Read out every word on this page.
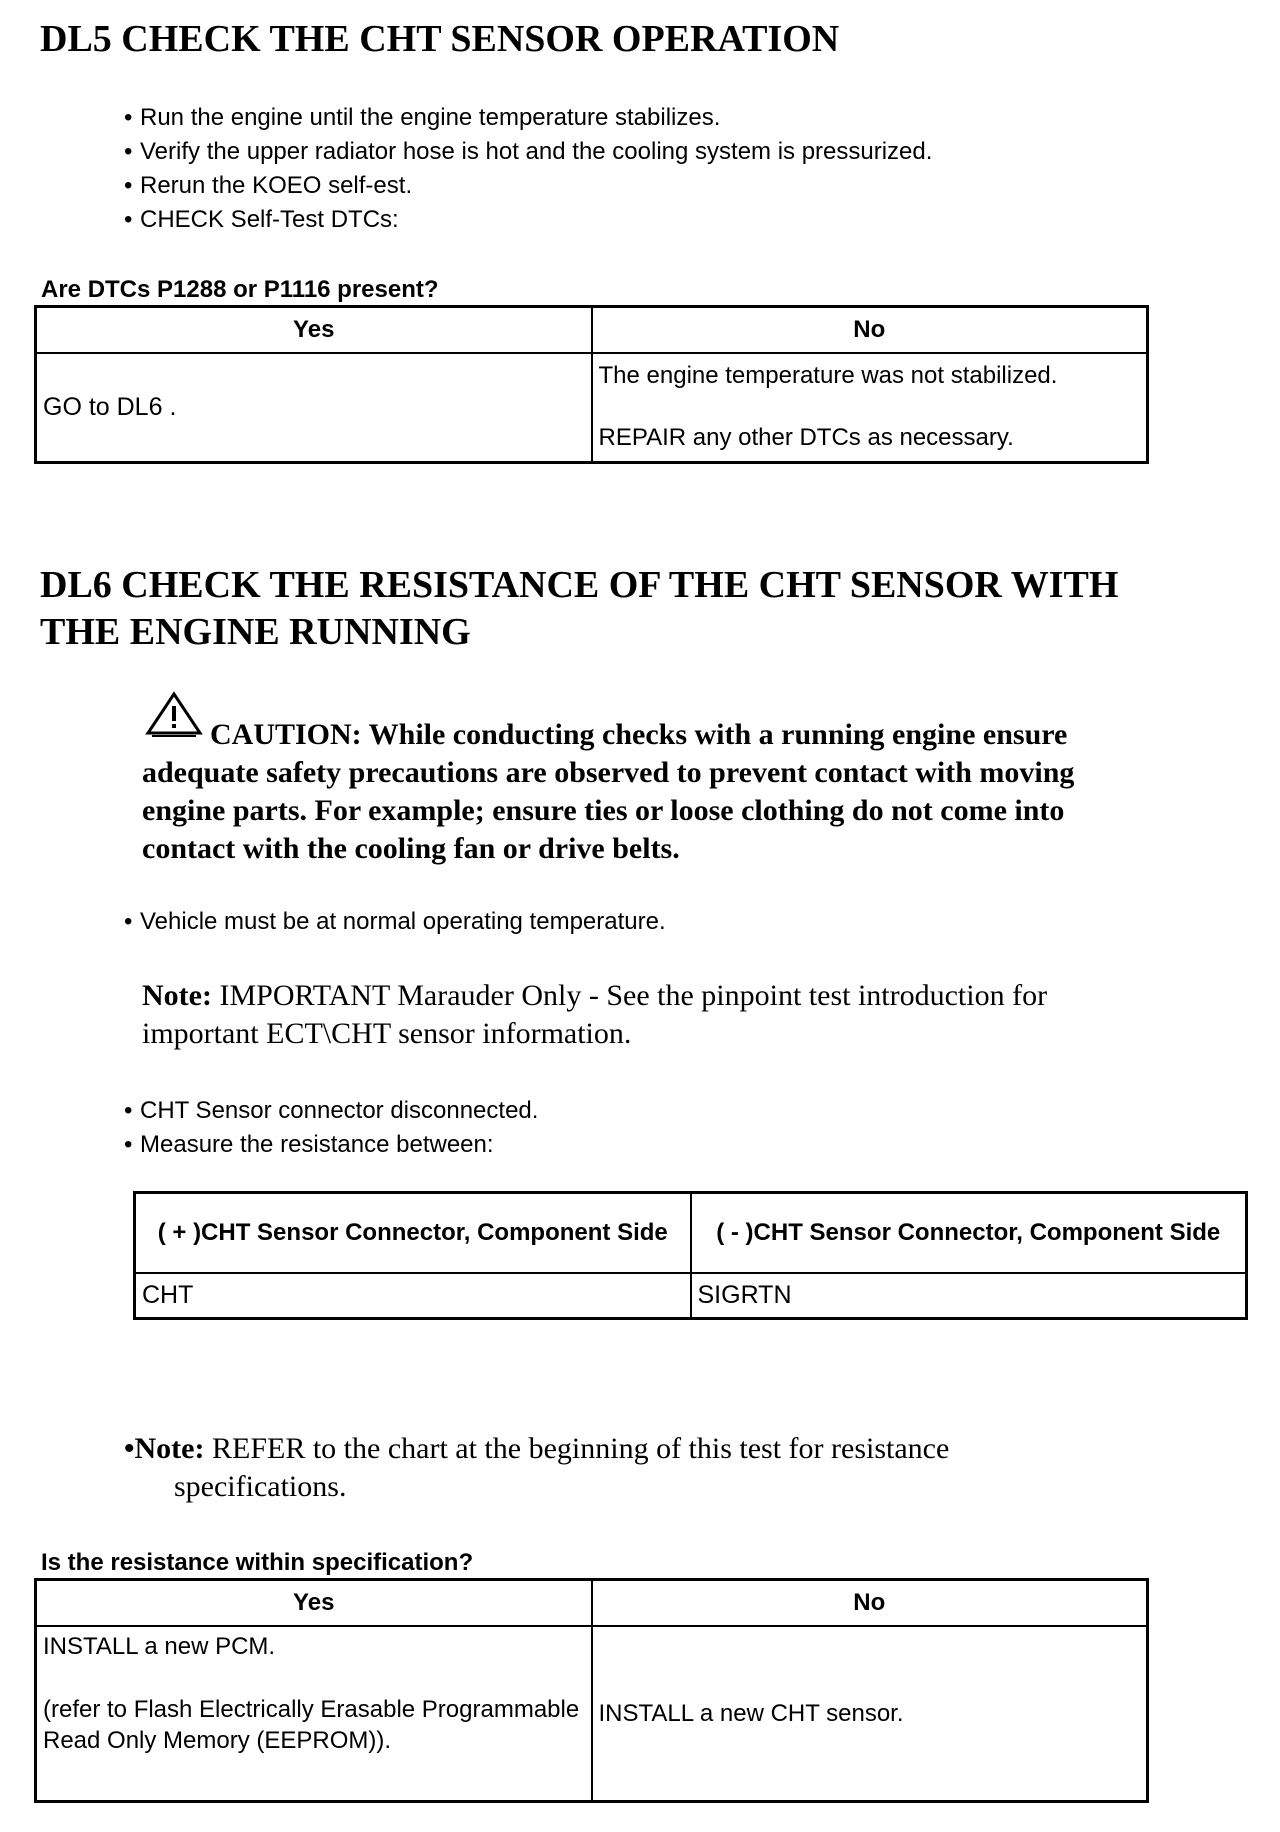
DL5 CHECK THE CHT SENSOR OPERATION
• Run the engine until the engine temperature stabilizes.
• Verify the upper radiator hose is hot and the cooling system is pressurized.
• Rerun the KOEO self-est.
• CHECK Self-Test DTCs:

Are DTCs P1288 or P1116 present?

Yes	No
GO to DL6 .	The engine temperature was not stabilized.
REPAIR any other DTCs as necessary.
DL6 CHECK THE RESISTANCE OF THE CHT SENSOR WITH
THE ENGINE RUNNING
CAUTION: While conducting checks with a running engine ensure
adequate safety precautions are observed to prevent contact with moving
engine parts. For example; ensure ties or loose clothing do not come into
contact with the cooling fan or drive belts.
• Vehicle must be at normal operating temperature.
Note: IMPORTANT Marauder Only - See the pinpoint test introduction for
important ECT\CHT sensor information.
• CHT Sensor connector disconnected.
• Measure the resistance between:
( + )CHT Sensor Connector, Component Side	( - )CHT Sensor Connector, Component Side
CHT	SIGRTN
•Note: REFER to the chart at the beginning of this test for resistance
specifications.

Is the resistance within specification?

Yes	No

INSTALL a new PCM.
(refer to Flash Electrically Erasable Programmable Read Only Memory (EEPROM)).	INSTALL a new CHT sensor.
